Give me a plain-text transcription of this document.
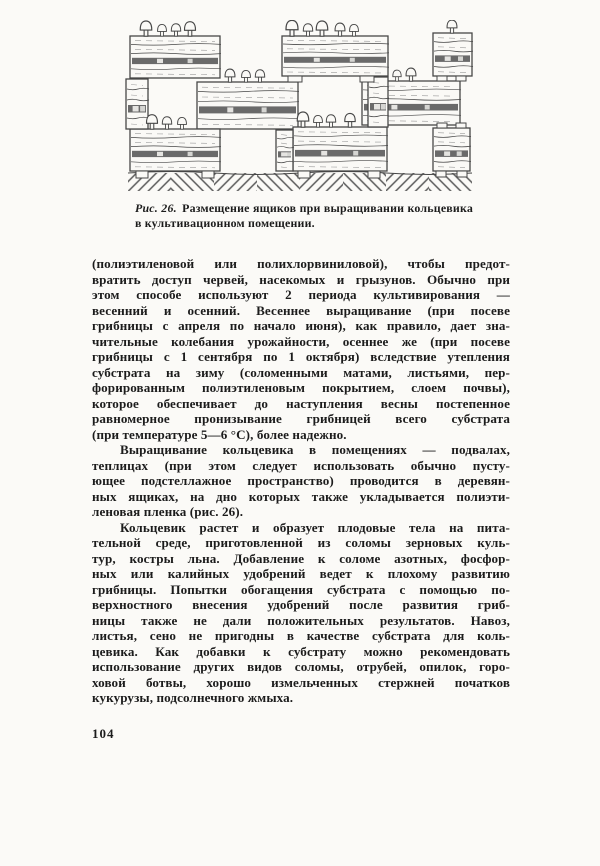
Рис. 26. Размещение ящиков при выращивании кольцевика
в культивационном помещении.
(полиэтиленовой или полихлорвиниловой), чтобы предот-
вратить доступ червей, насекомых и грызунов. Обычно при
этом способе используют 2 периода культивирования —
весенний и осенний. Весеннее выращивание (при посеве
грибницы с апреля по начало июня), как правило, дает зна-
чительные колебания урожайности, осеннее же (при посеве
грибницы с 1 сентября по 1 октября) вследствие утепления
субстрата на зиму (соломенными матами, листьями, пер-
форированным полиэтиленовым покрытием, слоем почвы),
которое обеспечивает до наступления весны постепенное
равномерное пронизывание грибницей всего субстрата
(при температуре 5—6 °С), более надежно.
Выращивание кольцевика в помещениях — подвалах,
теплицах (при этом следует использовать обычно пусту-
ющее подстеллажное пространство) проводится в деревян-
ных ящиках, на дно которых также укладывается полиэти-
леновая пленка (рис. 26).
Кольцевик растет и образует плодовые тела на пита-
тельной среде, приготовленной из соломы зерновых куль-
тур, костры льна. Добавление к соломе азотных, фосфор-
ных или калийных удобрений ведет к плохому развитию
грибницы. Попытки обогащения субстрата с помощью по-
верхностного внесения удобрений после развития гриб-
ницы также не дали положительных результатов. Навоз,
листья, сено не пригодны в качестве субстрата для коль-
цевика. Как добавки к субстрату можно рекомендовать
использование других видов соломы, отрубей, опилок, горо-
ховой ботвы, хорошо измельченных стержней початков
кукурузы, подсолнечного жмыха.
104
